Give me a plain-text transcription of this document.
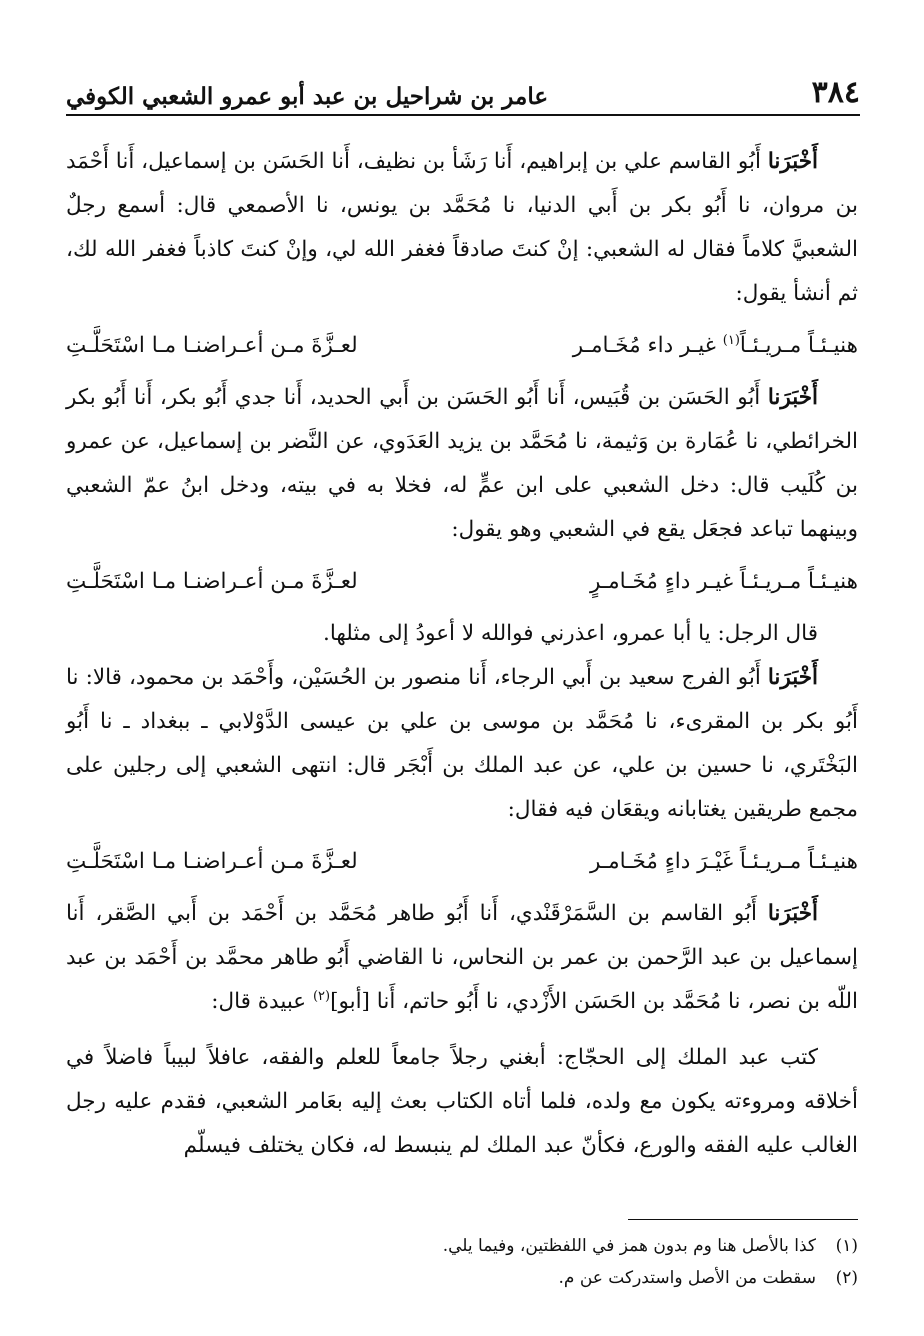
٣٨٤
عامر بن شراحيل بن عبد أبو عمرو الشعبي الكوفي

أَخْبَرَنا أَبُو القاسم علي بن إبراهيم، أَنا رَشَأ بن نظيف، أَنا الحَسَن بن إسماعيل، أَنا أَحْمَد بن مروان، نا أَبُو بكر بن أَبي الدنيا، نا مُحَمَّد بن يونس، نا الأصمعي قال: أسمع رجلٌ الشعبيَّ كلاماً فقال له الشعبي: إنْ كنتَ صادقاً فغفر الله لي، وإنْ كنتَ كاذباً فغفر الله لك، ثم أنشأ يقول:

هنيـئـاً مـريـئـاً$^{(١)}$ غيـر داء مُخَـامـر
لعـزَّةَ مـن أعـراضنـا مـا اسْتَحَلَّـتِ

أَخْبَرَنا أَبُو الحَسَن بن قُبَيس، أَنا أَبُو الحَسَن بن أَبي الحديد، أَنا جدي أَبُو بكر، أَنا أَبُو بكر الخرائطي، نا عُمَارة بن وَثيمة، نا مُحَمَّد بن يزيد العَدَوي، عن النَّضر بن إسماعيل، عن عمرو بن كُلَيب قال: دخل الشعبي على ابن عمٍّ له، فخلا به في بيته، ودخل ابنُ عمّ الشعبي وبينهما تباعد فجعَل يقع في الشعبي وهو يقول:

هنيـئـاً مـريـئـاً غيـر داءٍ مُخَـامـرٍ
لعـزَّةَ مـن أعـراضنـا مـا اسْتَحَلَّـتِ

قال الرجل: يا أبا عمرو، اعذرني فوالله لا أعودُ إلى مثلها.

أَخْبَرَنا أَبُو الفرج سعيد بن أَبي الرجاء، أَنا منصور بن الحُسَيْن، وأَحْمَد بن محمود، قالا: نا أَبُو بكر بن المقرىء، نا مُحَمَّد بن موسى بن علي بن عيسى الدَّوْلابي ـ ببغداد ـ نا أَبُو البَخْتَري، نا حسين بن علي، عن عبد الملك بن أَبْجَر قال: انتهى الشعبي إلى رجلين على مجمع طريقين يغتابانه ويقعَان فيه فقال:

هنيـئـاً مـريـئـاً غَيْـرَ داءٍ مُخَـامـر
لعـزَّةَ مـن أعـراضنـا مـا اسْتَحَلَّـتِ

أَخْبَرَنا أَبُو القاسم بن السَّمَرْقَنْدي، أَنا أَبُو طاهر مُحَمَّد بن أَحْمَد بن أَبي الصَّقر، أَنا إسماعيل بن عبد الرَّحمن بن عمر بن النحاس، نا القاضي أَبُو طاهر محمَّد بن أَحْمَد بن عبد اللّه بن نصر، نا مُحَمَّد بن الحَسَن الأَزْدي، نا أَبُو حاتم، أَنا [أبو]$^{(٢)}$ عبيدة قال:

كتب عبد الملك إلى الحجّاج: أبغني رجلاً جامعاً للعلم والفقه، عافلاً لبيباً فاضلاً في أخلاقه ومروءته يكون مع ولده، فلما أتاه الكتاب بعث إليه بعَامر الشعبي، فقدم عليه رجل الغالب عليه الفقه والورع، فكأنّ عبد الملك لم ينبسط له، فكان يختلف فيسلّم

(١)
كذا بالأصل هنا وم بدون همز في اللفظتين، وفيما يلي.
(٢)
سقطت من الأصل واستدركت عن م.
